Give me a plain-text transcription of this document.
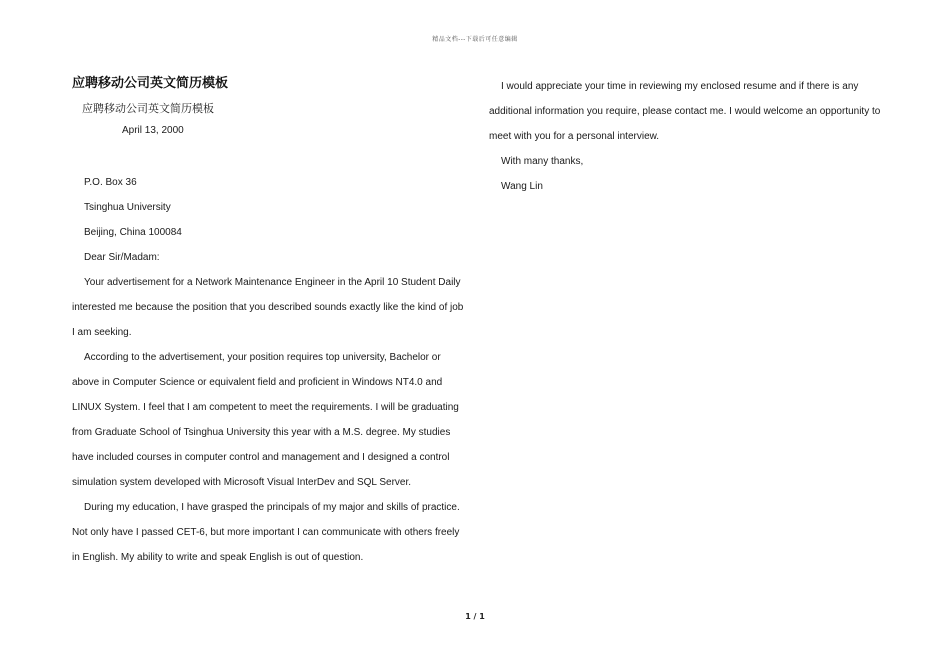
精品文档---下载后可任意编辑
应聘移动公司英文简历模板
应聘移动公司英文简历模板
April 13, 2000
P.O. Box 36
Tsinghua University
Beijing, China 100084
Dear Sir/Madam:

Your advertisement for a Network Maintenance Engineer in the April 10 Student Daily interested me because the position that you described sounds exactly like the kind of job I am seeking.

According to the advertisement, your position requires top university, Bachelor or above in Computer Science or equivalent field and proficient in Windows NT4.0 and LINUX System. I feel that I am competent to meet the requirements. I will be graduating from Graduate School of Tsinghua University this year with a M.S. degree. My studies have included courses in computer control and management and I designed a control simulation system developed with Microsoft Visual InterDev and SQL Server.

During my education, I have grasped the principals of my major and skills of practice. Not only have I passed CET-6, but more important I can communicate with others freely in English. My ability to write and speak English is out of question.

I would appreciate your time in reviewing my enclosed resume and if there is any additional information you require, please contact me. I would welcome an opportunity to meet with you for a personal interview.

With many thanks,
Wang Lin
1 / 1
